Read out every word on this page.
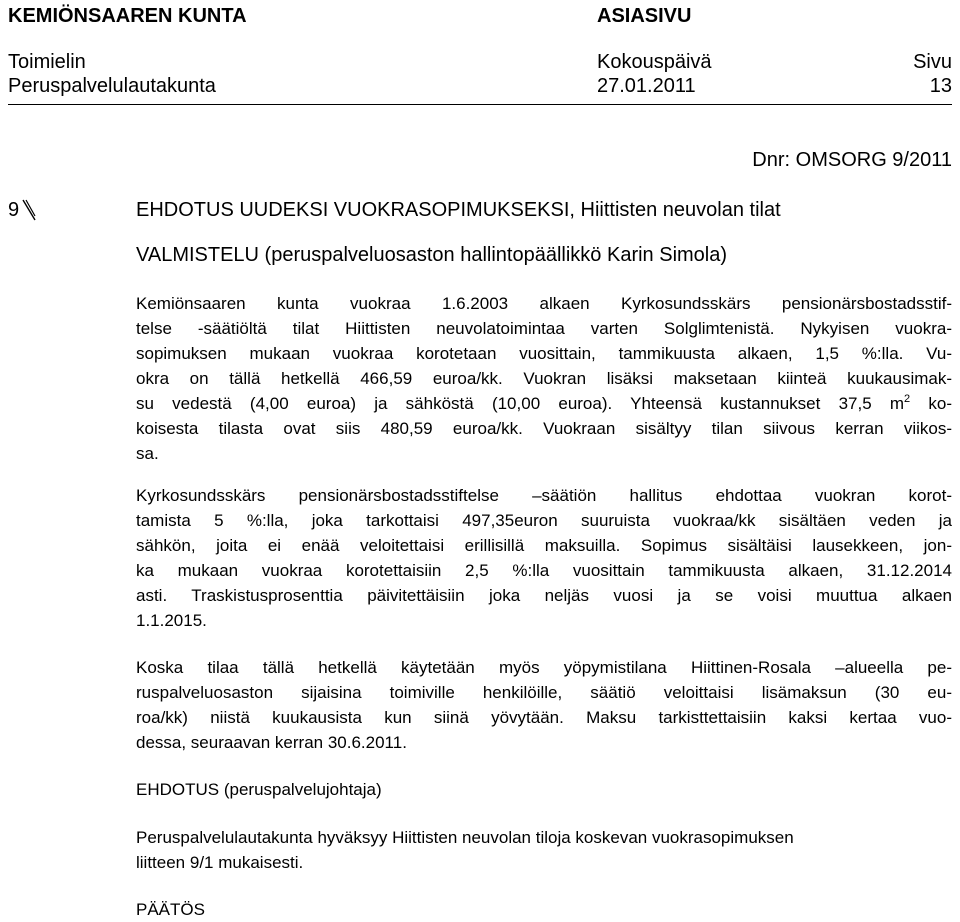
KEMIÖNSAAREN KUNTA	ASIASIVU
Toimielin	Kokouspäivä	Sivu
Peruspalvelulautakunta	27.01.2011	13
Dnr: OMSORG 9/2011
9	EHDOTUS UUDEKSI VUOKRASOPIMUKSEKSI, Hiittisten neuvolan tilat
VALMISTELU (peruspalveluosaston hallintopäällikkö Karin Simola)
Kemiönsaaren kunta vuokraa 1.6.2003 alkaen Kyrkosundsskärs pensionärsbostadsstif-
telse -säätiöltä tilat Hiittisten neuvolatoimintaa varten Solglimtenistä. Nykyisen vuokra-
sopimuksen mukaan vuokraa korotetaan vuosittain, tammikuusta alkaen, 1,5 %:lla. Vu-
okra on tällä hetkellä 466,59 euroa/kk. Vuokran lisäksi maksetaan kiinteä kuukausimak-
su vedestä (4,00 euroa) ja sähköstä (10,00 euroa). Yhteensä kustannukset 37,5 $m^2$ ko-
koisesta tilasta ovat siis 480,59 euroa/kk. Vuokraan sisältyy tilan siivous kerran viikos-
sa.
Kyrkosundsskärs pensionärsbostadsstiftelse –säätiön hallitus ehdottaa vuokran korot-
tamista 5 %:lla, joka tarkottaisi 497,35euron suuruista vuokraa/kk sisältäen veden ja
sähkön, joita ei enää veloitettaisi erillisillä maksuilla. Sopimus sisältäisi lausekkeen, jon-
ka mukaan vuokraa korotettaisiin 2,5 %:lla vuosittain tammikuusta alkaen, 31.12.2014
asti. Traskistusprosenttia päivitettäisiin joka neljäs vuosi ja se voisi muuttua alkaen
1.1.2015.
Koska tilaa tällä hetkellä käytetään myös yöpymistilana Hiittinen-Rosala –alueella pe-
ruspalveluosaston sijaisina toimiville henkilöille, säätiö veloittaisi lisämaksun (30 eu-
roa/kk) niistä kuukausista kun siinä yövytään. Maksu tarkisttettaisiin kaksi kertaa vuo-
dessa, seuraavan kerran 30.6.2011.
EHDOTUS (peruspalvelujohtaja)
Peruspalvelulautakunta hyväksyy Hiittisten neuvolan tiloja koskevan vuokrasopimuksen
liitteen 9/1 mukaisesti.
PÄÄTÖS
